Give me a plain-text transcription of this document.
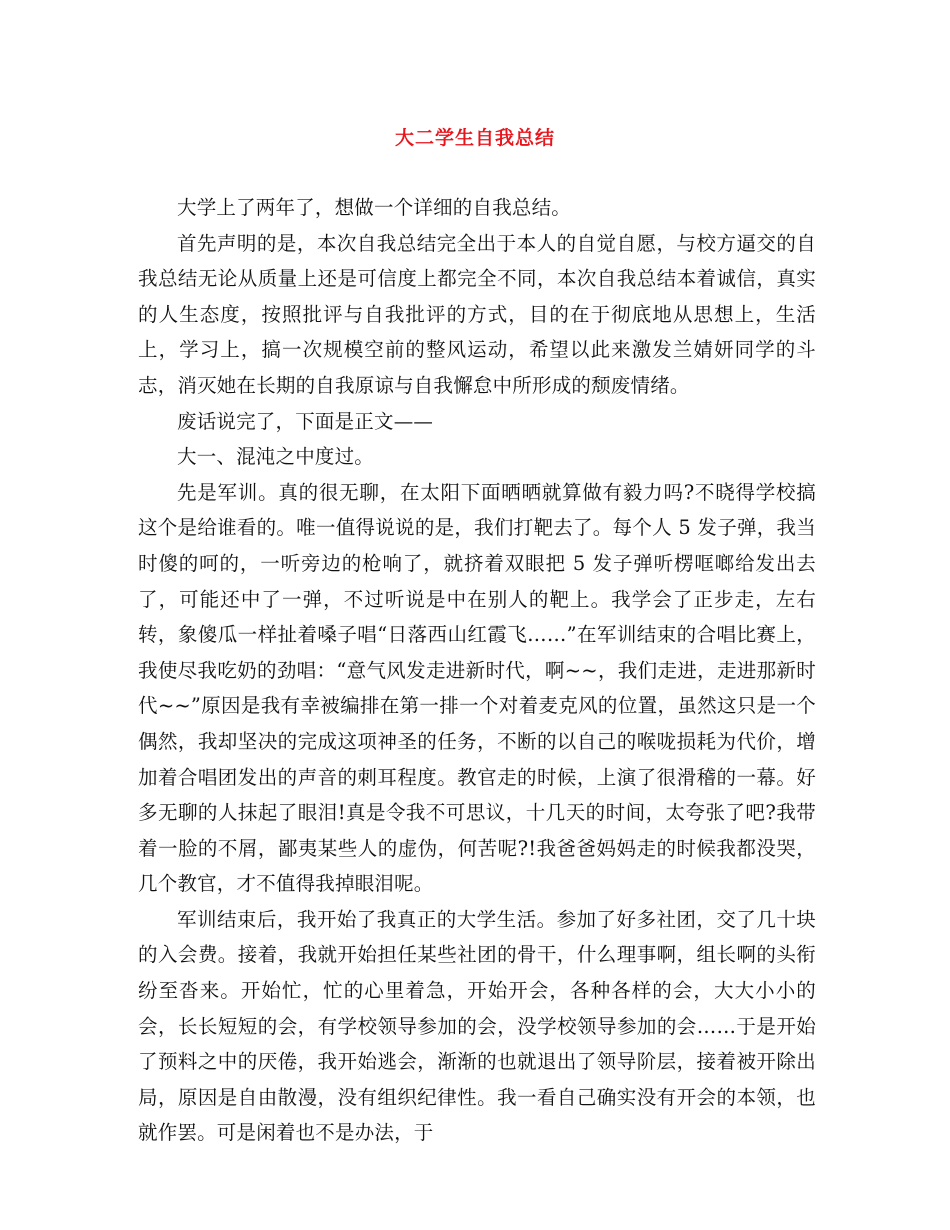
大二学生自我总结

大学上了两年了，想做一个详细的自我总结。

首先声明的是，本次自我总结完全出于本人的自觉自愿，与校方逼交的自我总结无论从质量上还是可信度上都完全不同，本次自我总结本着诚信，真实的人生态度，按照批评与自我批评的方式，目的在于彻底地从思想上，生活上，学习上，搞一次规模空前的整风运动，希望以此来激发兰婧妍同学的斗志，消灭她在长期的自我原谅与自我懈怠中所形成的颓废情绪。

废话说完了，下面是正文——

大一、混沌之中度过。

先是军训。真的很无聊，在太阳下面晒晒就算做有毅力吗?不晓得学校搞这个是给谁看的。唯一值得说说的是，我们打靶去了。每个人 5 发子弹，我当时傻的呵的，一听旁边的枪响了，就挤着双眼把 5 发子弹听楞哐啷给发出去了，可能还中了一弹，不过听说是中在别人的靶上。我学会了正步走，左右转，象傻瓜一样扯着嗓子唱“日落西山红霞飞……”在军训结束的合唱比赛上，我使尽我吃奶的劲唱：“意气风发走进新时代，啊~~，我们走进，走进那新时代~~”原因是我有幸被编排在第一排一个对着麦克风的位置，虽然这只是一个偶然，我却坚决的完成这项神圣的任务，不断的以自己的喉咙损耗为代价，增加着合唱团发出的声音的刺耳程度。教官走的时候，上演了很滑稽的一幕。好多无聊的人抹起了眼泪!真是令我不可思议，十几天的时间，太夸张了吧?我带着一脸的不屑，鄙夷某些人的虚伪，何苦呢?!我爸爸妈妈走的时候我都没哭，几个教官，才不值得我掉眼泪呢。

军训结束后，我开始了我真正的大学生活。参加了好多社团，交了几十块的入会费。接着，我就开始担任某些社团的骨干，什么理事啊，组长啊的头衔纷至沓来。开始忙，忙的心里着急，开始开会，各种各样的会，大大小小的会，长长短短的会，有学校领导参加的会，没学校领导参加的会……于是开始了预料之中的厌倦，我开始逃会，渐渐的也就退出了领导阶层，接着被开除出局，原因是自由散漫，没有组织纪律性。我一看自己确实没有开会的本领，也就作罢。可是闲着也不是办法，于
